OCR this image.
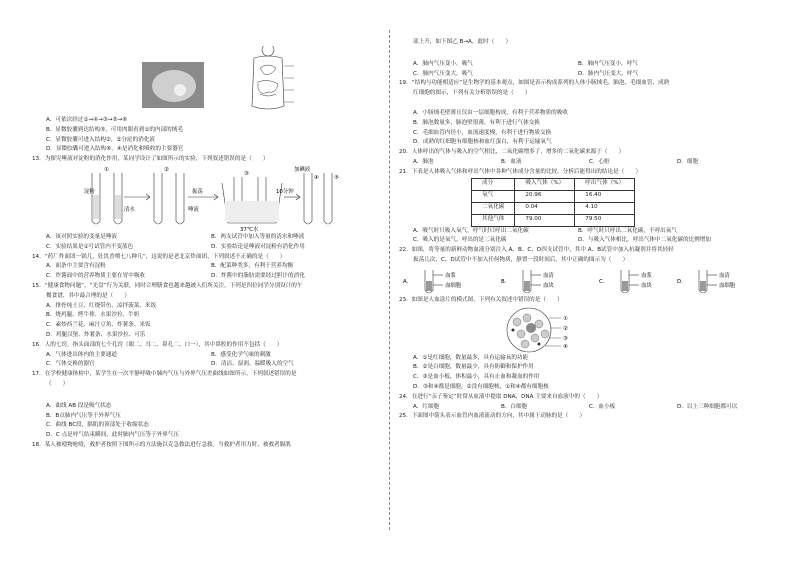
A．可依次经过①→④→③→⑤→⑥
B．显微胶囊到达结构⑤，可用肉眼看到①的内部的绒毛
C．显微胶囊可进入结构②，②分泌的消化液
D．显微胶囊可进入结构⑥，④是消化和吸收的主要器官
13．为探究唾液对淀粉的消化作用，某同学设计了如图所示的实验，下列叙述错误的是（　　）
淀粉
清水
振荡
唾液
加碘液
10分钟
37℃水
①	②
③
④	⑤
A．该对照实验的变量是唾液	B．两支试管中加入等量的清水和唾液
C．实验结果是①号试管内不变蓝色	D．实验结论是唾液对淀粉有消化作用
14．“药厂炸面团一锅儿，肚饥香喷七八种儿”，这说的是老北京炸面团，下列叙述不正确的是（　　）
A．面条中主要含有淀粉	B．配菜种类多，有利于营养均衡
C．炸酱面中的营养物质主要在胃中吸收	D．炸酱中的脂肪需要经过胆汁的消化
15．“健康食物问题”，“光盘”行为关联，同时合理膳食也越来越被人们所关注，下列是四位同学分别设计的午
餐食谱，其中最合理的是（　　）
A．排骨炖土豆、红烧带鱼、凉拌菠菜、米饭
B．烧鸡腿、烤牛排、水果沙拉、牛奶
C．素炒西兰花、麻汁豆角、炸薯条、米饭
D．鸡腿汉堡、炸薯条、水果沙拉、可乐
16．人的七窍，指头面部的七个孔窍（眼二、耳二、鼻孔二、口一），其中鼻腔的作用不包括（　　）
A．气体进出体内的主要通道	B．感受化学气味的刺激
C．气体交换的器官	D．清洁、湿润、温暖吸入的空气
17．在学校健康体检中，某学生在一次平静呼吸中肺内气压与外界气压差曲线如图所示，下列叙述错误的是
（　　）
A．曲线 AB 段是吸气状态
B．B点肺内气压等于外界气压
C．曲线 BC段，膈肌的顶部处于收缩状态
D．C 点是呼气结束瞬间，此时肺内气压等于外界气压
18．某人被噎物呛噎，救护者按照下图所示的方法施以克急救法进行急救。当救护者用力时，被救者膈肌
部上升，如下图乙 B→A，此时（　　）
A．肺内气压变小，吸气	B．肺内气压变小，呼气
C．肺内气压变大，吸气	D．肺内气压变大，呼气
19．“结构与功能相适应”是生物学的基本观点，如图是表示构成系列的人体小肠绒毛、肺泡、毛细血管、成熟
红细胞的图示，下列有关分析错误的是（　　）
A．小肠绒毛壁薄且仅由一层细胞构成，有利于营养物质的吸收
B．肺泡数量多，肺泡壁很薄，有利于进行气体交换
C．毛细血管内径小，血流速度慢，有利于进行物质交换
D．成熟的红细胞有细胞核和血红蛋白，有利于运输氧气
20．人体呼出的气体与吸入的空气相比，二氧化碳增多了，增多的二氧化碳来源于（　　）
A．肺泡	B．血液	C．心脏	D．细胞
21．下表是人体吸入气体和呼出气体中各种气体成分含量的比较，分析后能得出的结论是（　　）
成分	吸入气体（%）	呼出气体（%）
氧气	20.96	16.40
二氧化碳	0.04	4.10
其他气体	79.00	79.50
A．吸气时只吸入氧气，呼气时只呼出二氧化碳	B．呼气时只呼出二氧化碳，不呼出氧气
C．吸入的是氧气，呼出的是二氧化碳	D．与吸入气体相比，呼出气体中二氧化碳的比例增加
22．如图，将等量的新鲜动物血液分别注入 A、B、C、D四支试管中，其中 A、B试管中加入抗凝剂并将其轻轻
振荡几次，C、D试管中不加入任何物质，静置一段时间后，其中正确的图示为（　　）
A．	B．	C．	D．
血浆
血细胞
血清
血块
血浆
血块
血清
血细胞
23．如图是人血涂片的模式图，下列有关叙述中错误的是（　　）
①
②
③
④
A．①是红细胞，数量最多，具有运输氧的功能
B．②是白细胞，数量最少，具有防御和保护作用
C．③是血小板，体积最小，具有止血和凝血的作用
D．③和④都是细胞，②没有细胞核，①和④都有细胞核
24．在进行“亲子鉴定”时常从血液中提取 DNA，DNA 主要来自血液中的（　　）
A．红细胞	B．白细胞	C．血小板	D．以上三种细胞都可以
25．下面图中箭头表示血管内血液流动的方向，其中属于动脉的是（　　）
